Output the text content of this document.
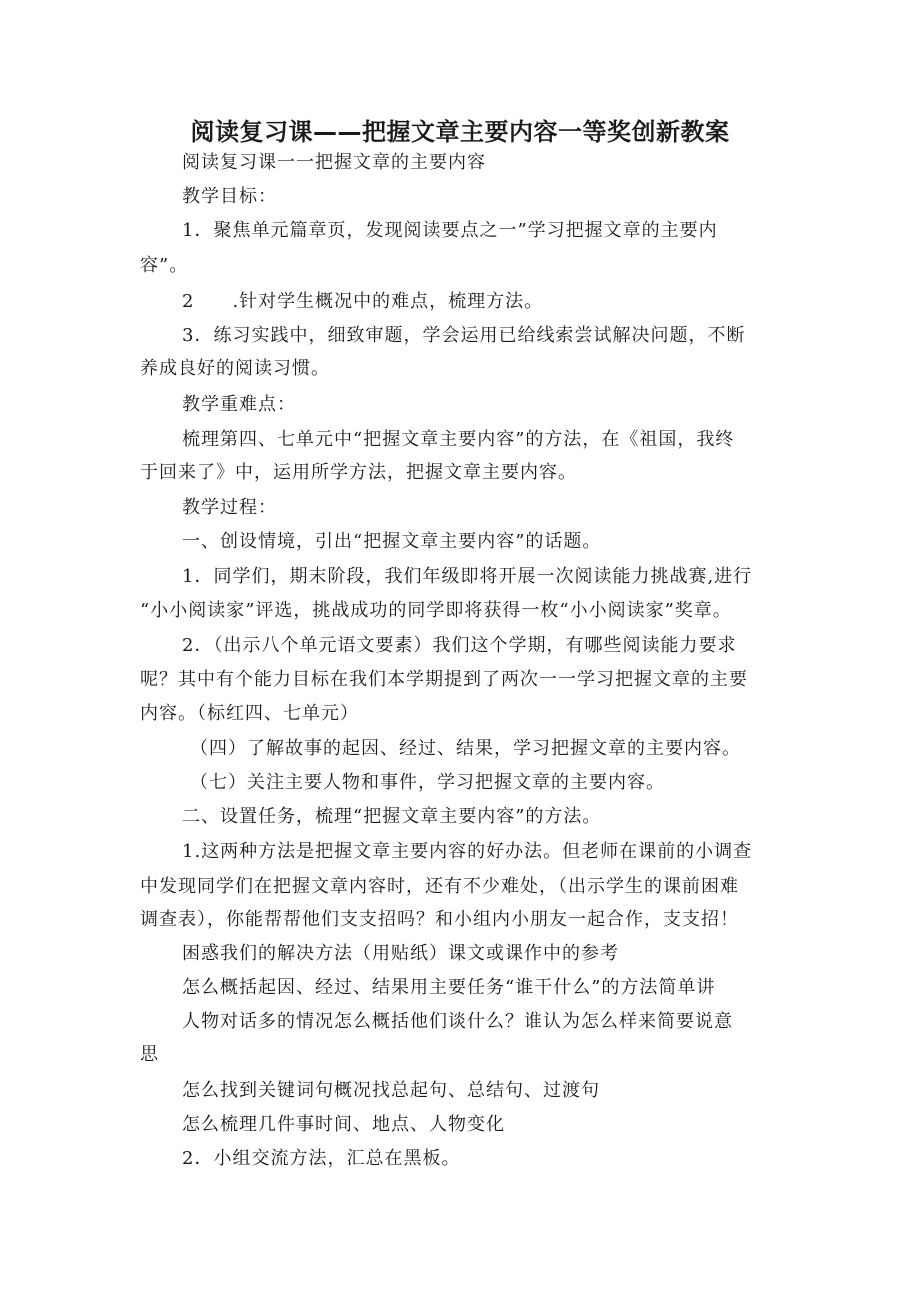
阅读复习课——把握文章主要内容一等奖创新教案
阅读复习课一一把握文章的主要内容
教学目标：
1．聚焦单元篇章页，发现阅读要点之一”学习把握文章的主要内
容”。
2　　.针对学生概况中的难点，梳理方法。
3．练习实践中，细致审题，学会运用已给线索尝试解决问题，不断
养成良好的阅读习惯。
教学重难点：
梳理第四、七单元中“把握文章主要内容”的方法，在《祖国，我终
于回来了》中，运用所学方法，把握文章主要内容。
教学过程：
一、创设情境，引出“把握文章主要内容”的话题。
1．同学们，期末阶段，我们年级即将开展一次阅读能力挑战赛,进行
“小小阅读家”评选，挑战成功的同学即将获得一枚“小小阅读家”奖章。
2．（出示八个单元语文要素）我们这个学期，有哪些阅读能力要求
呢？其中有个能力目标在我们本学期提到了两次一一学习把握文章的主要
内容。（标红四、七单元）
（四）了解故事的起因、经过、结果，学习把握文章的主要内容。
（七）关注主要人物和事件，学习把握文章的主要内容。
二、设置任务，梳理“把握文章主要内容”的方法。
1.这两种方法是把握文章主要内容的好办法。但老师在课前的小调查
中发现同学们在把握文章内容时，还有不少难处，（出示学生的课前困难
调查表），你能帮帮他们支支招吗？和小组内小朋友一起合作，支支招！
困惑我们的解决方法（用贴纸）课文或课作中的参考
怎么概括起因、经过、结果用主要任务“谁干什么”的方法简单讲
人物对话多的情况怎么概括他们谈什么？谁认为怎么样来简要说意
思
怎么找到关键词句概况找总起句、总结句、过渡句
怎么梳理几件事时间、地点、人物变化
2．小组交流方法，汇总在黑板。
